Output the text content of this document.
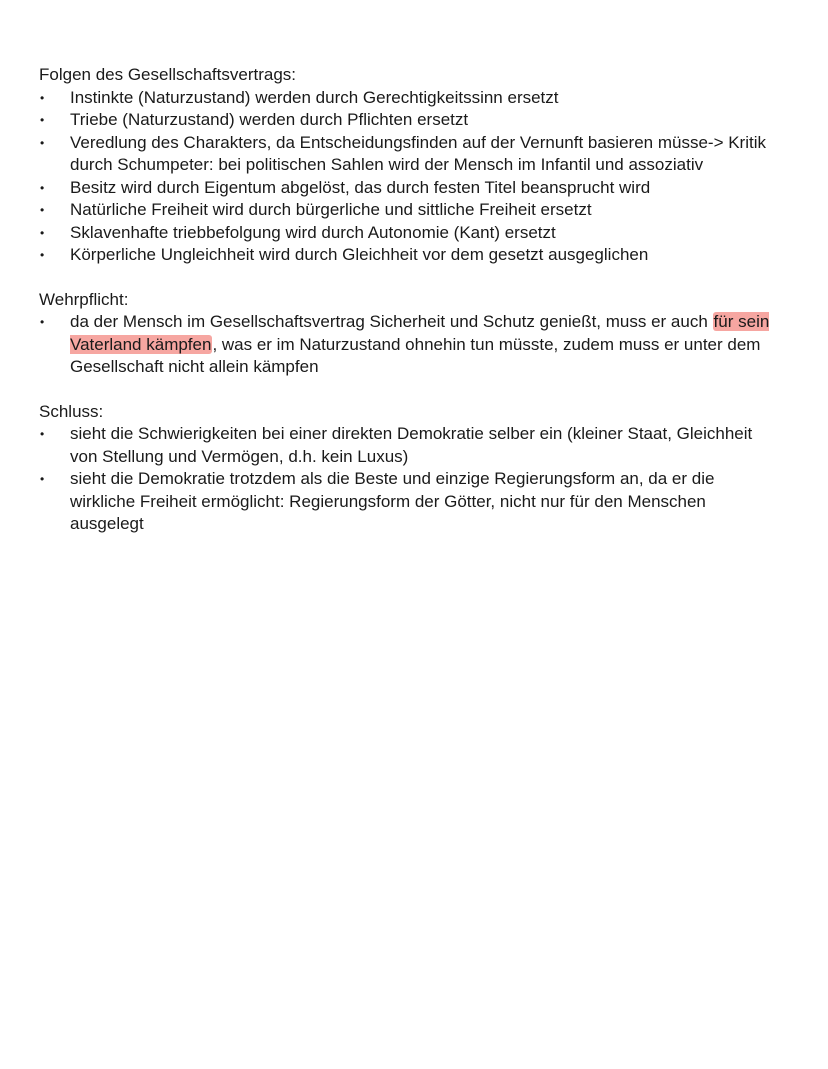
Folgen des Gesellschaftsvertrags:

• Instinkte (Naturzustand) werden durch Gerechtigkeitssinn ersetzt
• Triebe (Naturzustand) werden durch Pflichten ersetzt
• Veredlung des Charakters, da Entscheidungsfinden auf der Vernunft basieren müsse-> Kritik durch Schumpeter: bei politischen Sahlen wird der Mensch im Infantil und assoziativ
• Besitz wird durch Eigentum abgelöst, das durch festen Titel beansprucht wird
• Natürliche Freiheit wird durch bürgerliche und sittliche Freiheit ersetzt
• Sklavenhafte triebbefolgung wird durch Autonomie (Kant) ersetzt
• Körperliche Ungleichheit wird durch Gleichheit vor dem gesetzt ausgeglichen

Wehrpflicht:

• da der Mensch im Gesellschaftsvertrag Sicherheit und Schutz genießt, muss er auch für sein Vaterland kämpfen, was er im Naturzustand ohnehin tun müsste, zudem muss er unter dem Gesellschaft nicht allein kämpfen

Schluss:

• sieht die Schwierigkeiten bei einer direkten Demokratie selber ein (kleiner Staat, Gleichheit von Stellung und Vermögen, d.h. kein Luxus)
• sieht die Demokratie trotzdem als die Beste und einzige Regierungsform an, da er die wirkliche Freiheit ermöglicht: Regierungsform der Götter, nicht nur für den Menschen ausgelegt
